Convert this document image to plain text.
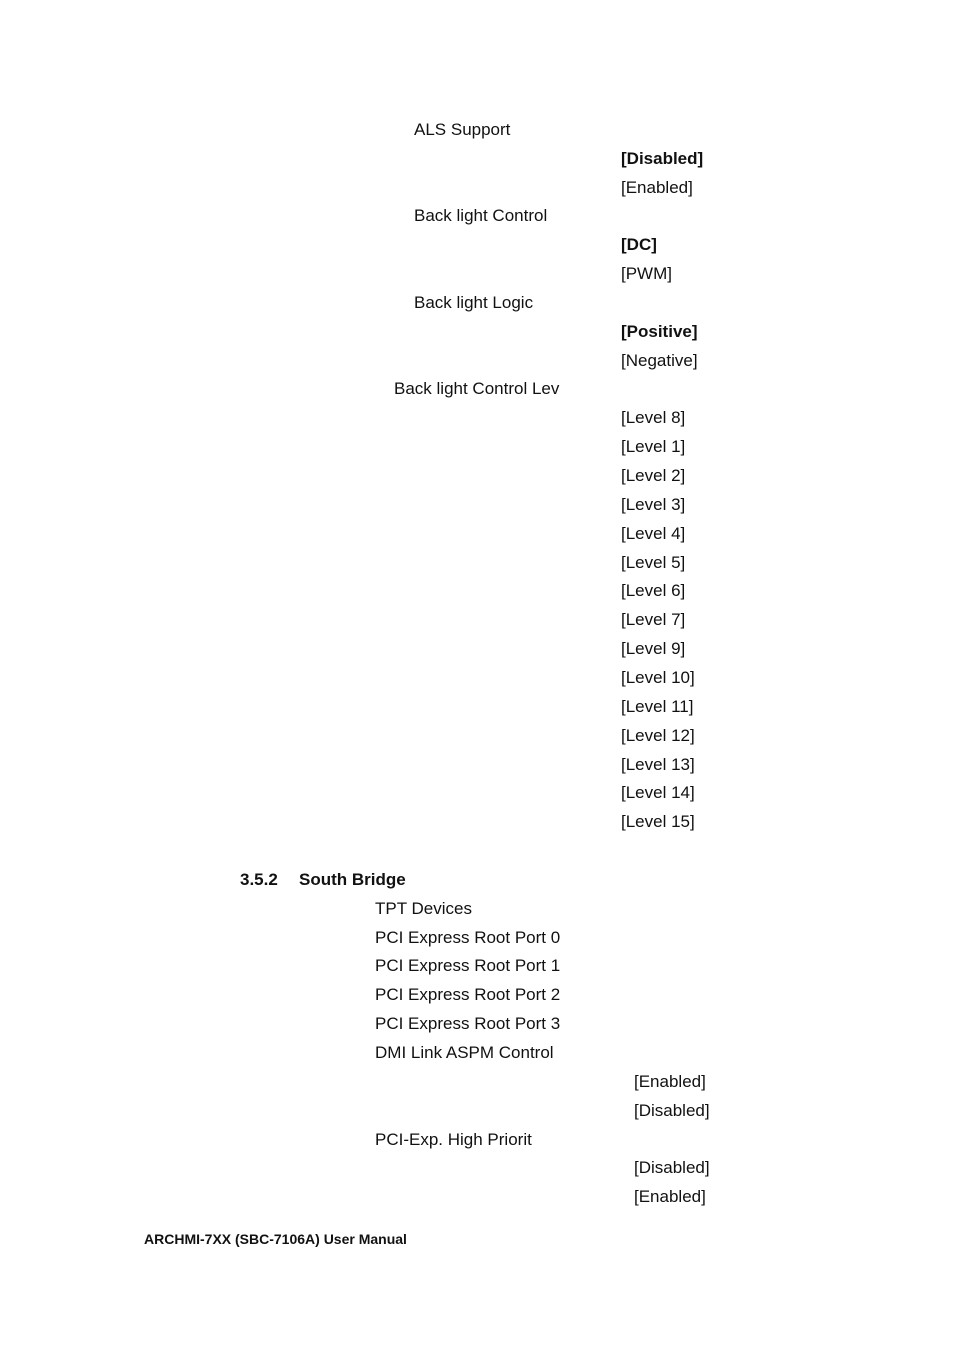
ALS Support
[Disabled]
[Enabled]
Back light Control
[DC]
[PWM]
Back light Logic
[Positive]
[Negative]
Back light Control Lev
[Level 8]
[Level 1]
[Level 2]
[Level 3]
[Level 4]
[Level 5]
[Level 6]
[Level 7]
[Level 9]
[Level 10]
[Level 11]
[Level 12]
[Level 13]
[Level 14]
[Level 15]
3.5.2 South Bridge
TPT Devices
PCI Express Root Port 0
PCI Express Root Port 1
PCI Express Root Port 2
PCI Express Root Port 3
DMI Link ASPM Control
[Enabled]
[Disabled]
PCI-Exp. High Priorit
[Disabled]
[Enabled]
ARCHMI-7XX (SBC-7106A) User Manual
